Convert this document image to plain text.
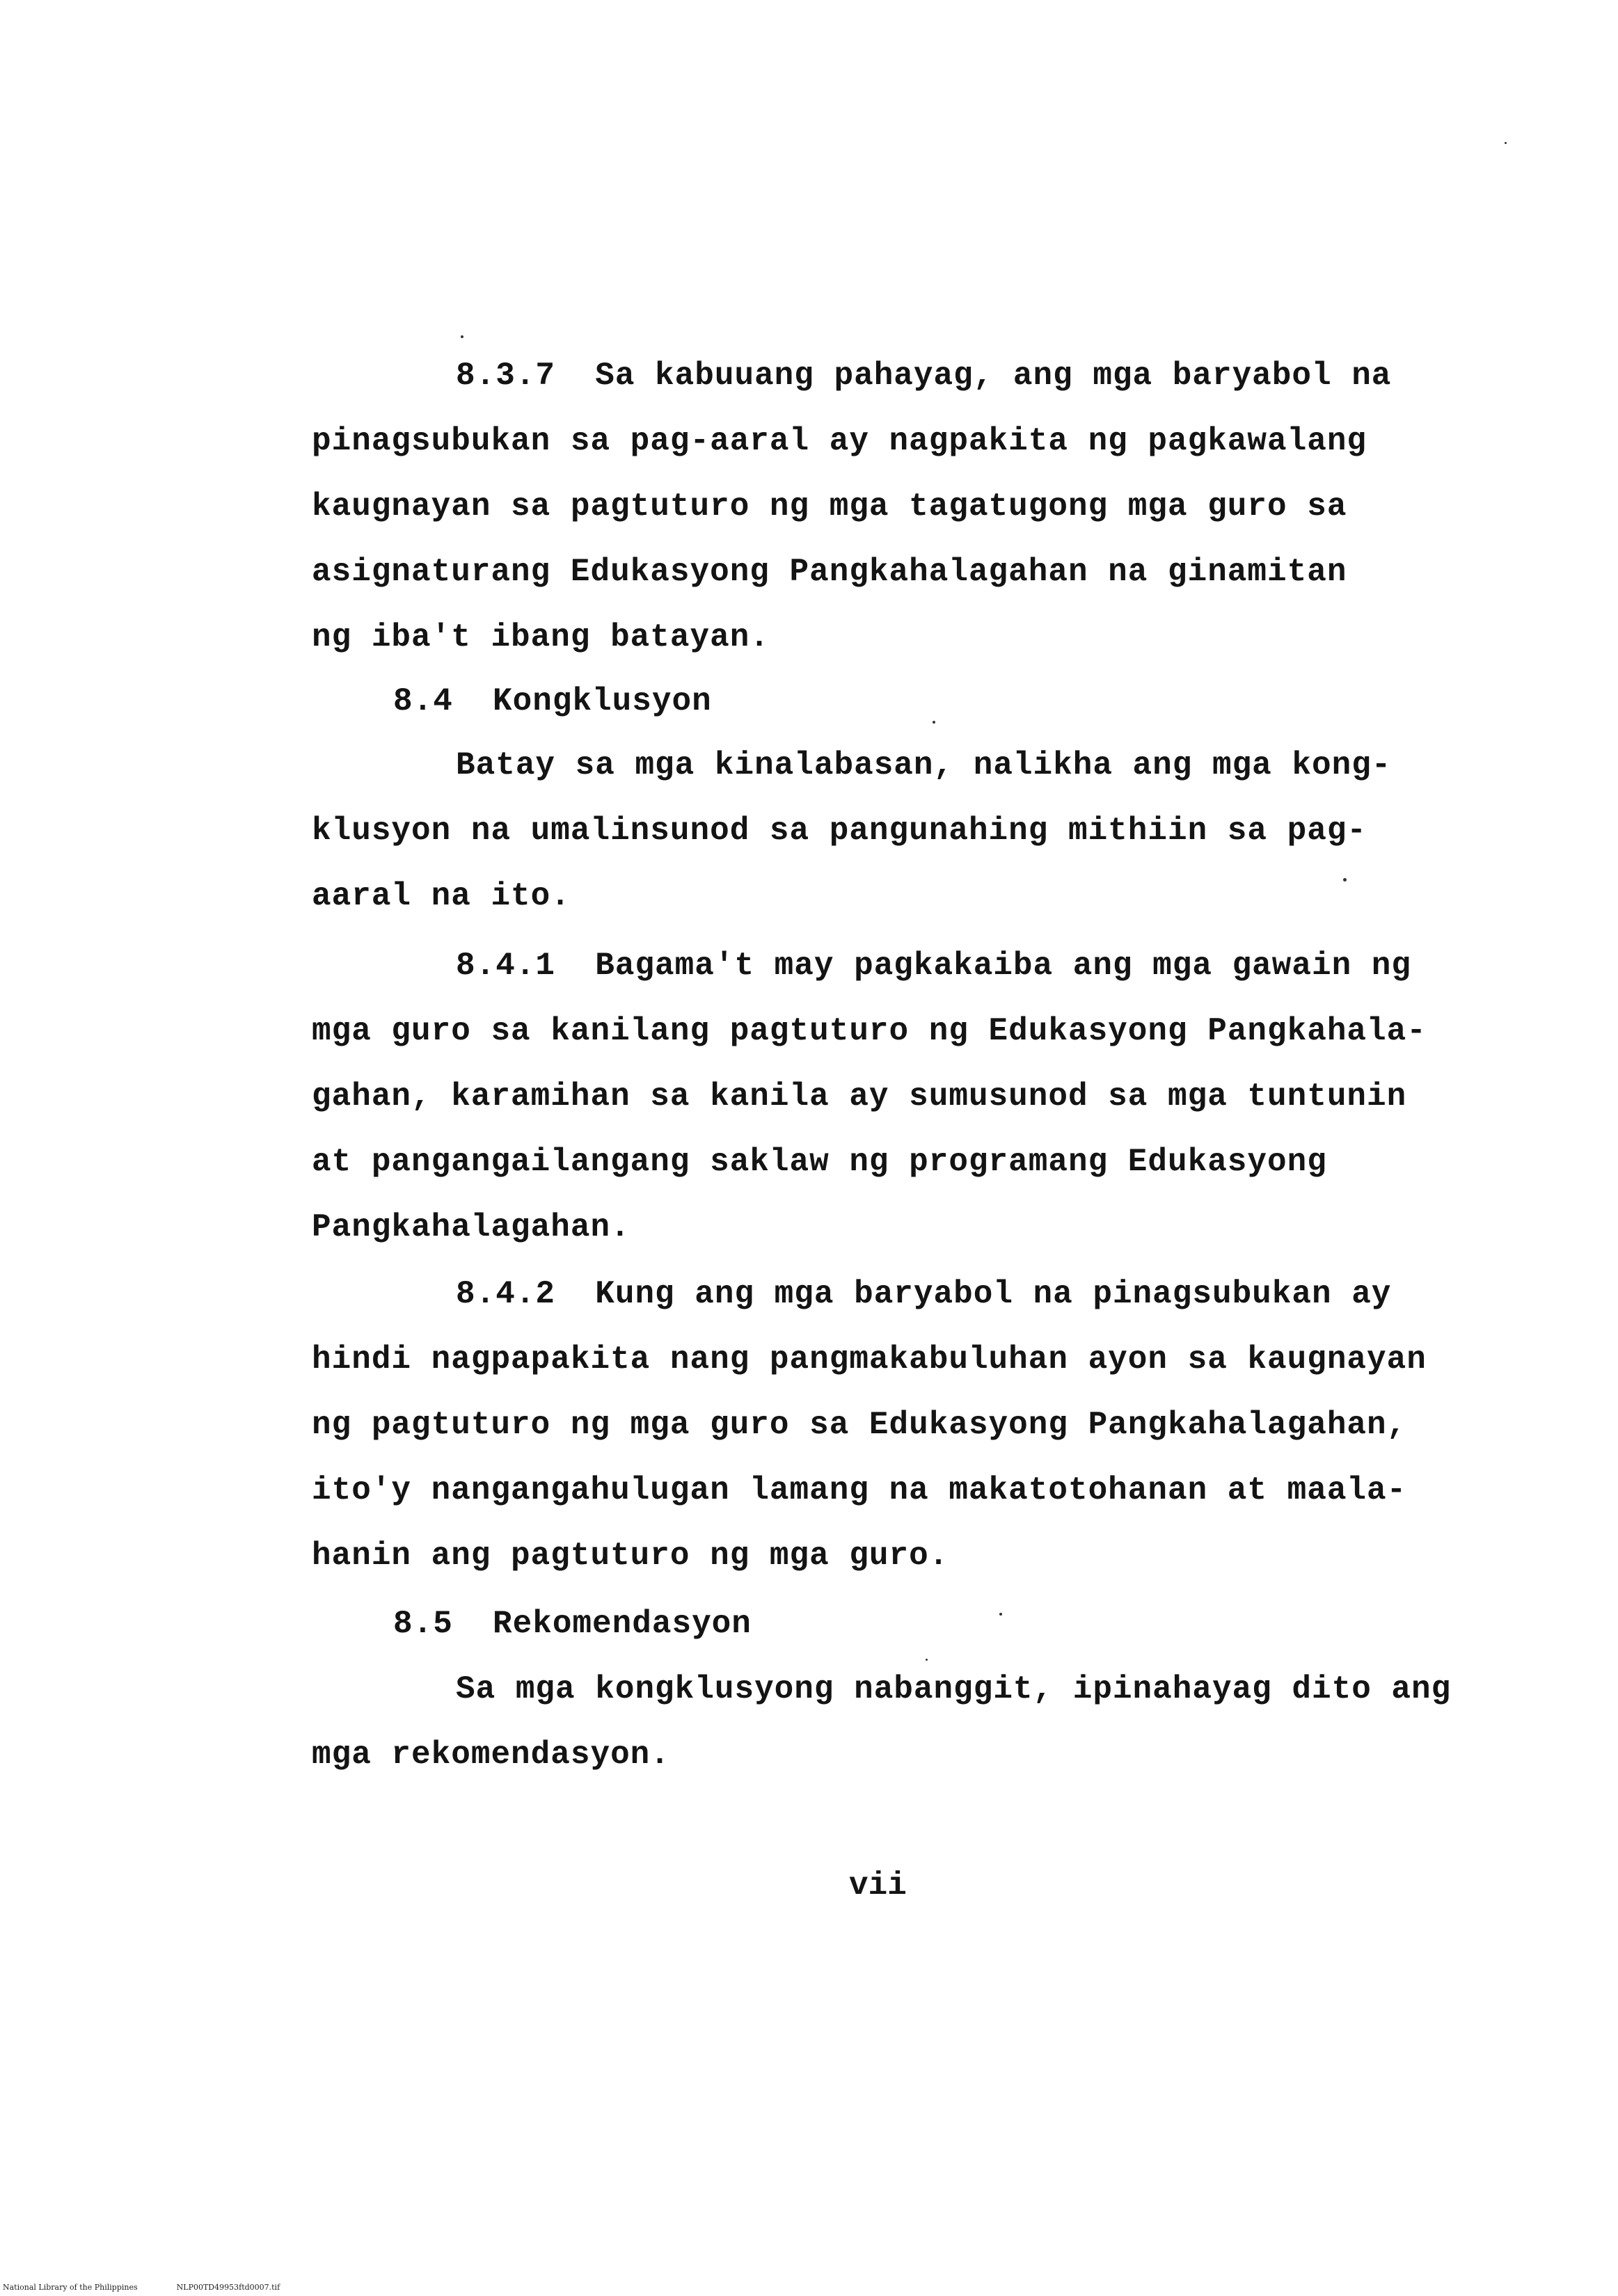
8.3.7  Sa kabuuang pahayag, ang mga baryabol na
pinagsubukan sa pag-aaral ay nagpakita ng pagkawalang
kaugnayan sa pagtuturo ng mga tagatugong mga guro sa
asignaturang Edukasyong Pangkahalagahan na ginamitan
ng iba't ibang batayan.
8.4  Kongklusyon
Batay sa mga kinalabasan, nalikha ang mga kong-
klusyon na umalinsunod sa pangunahing mithiin sa pag-
aaral na ito.
8.4.1  Bagama't may pagkakaiba ang mga gawain ng
mga guro sa kanilang pagtuturo ng Edukasyong Pangkahala-
gahan, karamihan sa kanila ay sumusunod sa mga tuntunin
at pangangailangang saklaw ng programang Edukasyong
Pangkahalagahan.
8.4.2  Kung ang mga baryabol na pinagsubukan ay
hindi nagpapakita nang pangmakabuluhan ayon sa kaugnayan
ng pagtuturo ng mga guro sa Edukasyong Pangkahalagahan,
ito'y nangangahulugan lamang na makatotohanan at maala-
hanin ang pagtuturo ng mga guro.
8.5  Rekomendasyon
Sa mga kongklusyong nabanggit, ipinahayag dito ang
mga rekomendasyon.
vii
National Library of the Philippines	NLP00TD49953ftd0007.tif
